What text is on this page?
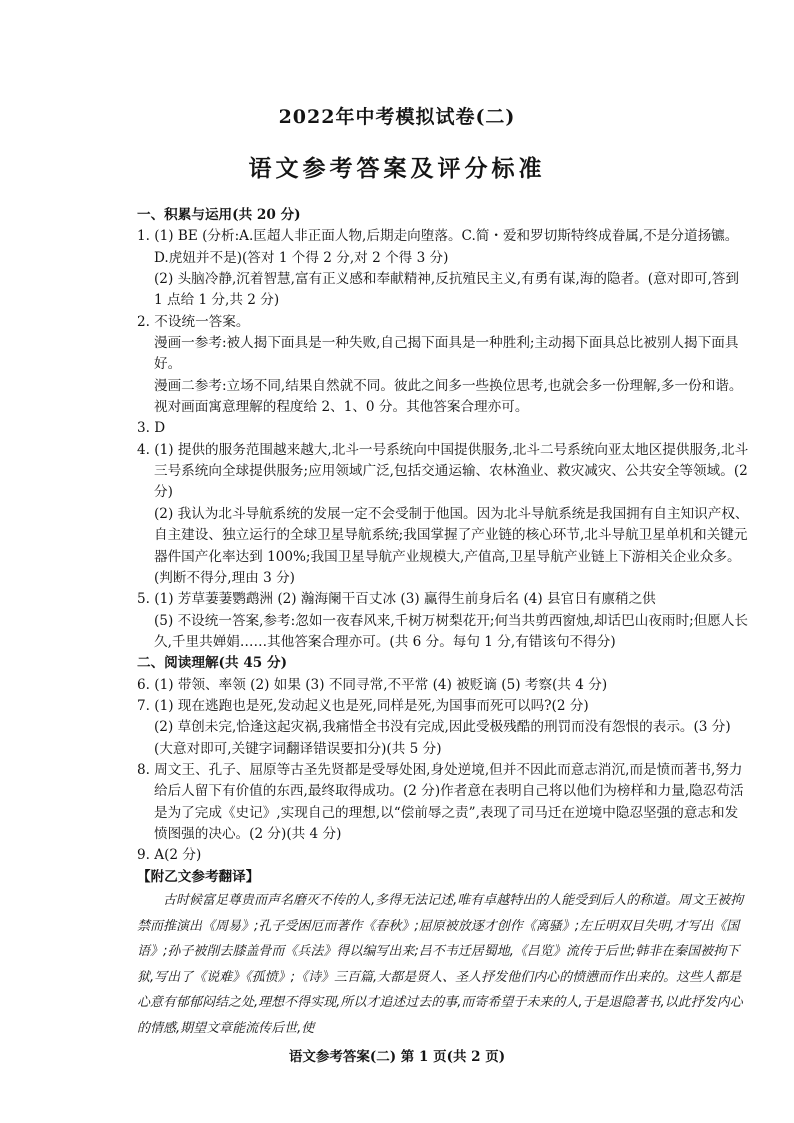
2022年中考模拟试卷(二)
语文参考答案及评分标准

一、积累与运用(共 20 分)

1. (1) BE (分析:A.匡超人非正面人物,后期走向堕落。C.简・爱和罗切斯特终成眷属,不是分道扬镳。D.虎妞并不是)(答对 1 个得 2 分,对 2 个得 3 分)

(2) 头脑冷静,沉着智慧,富有正义感和奉献精神,反抗殖民主义,有勇有谋,海的隐者。(意对即可,答到 1 点给 1 分,共 2 分)

2. 不设统一答案。

漫画一参考:被人揭下面具是一种失败,自己揭下面具是一种胜利;主动揭下面具总比被别人揭下面具好。

漫画二参考:立场不同,结果自然就不同。彼此之间多一些换位思考,也就会多一份理解,多一份和谐。

视对画面寓意理解的程度给 2、1、0 分。其他答案合理亦可。

3. D

4. (1) 提供的服务范围越来越大,北斗一号系统向中国提供服务,北斗二号系统向亚太地区提供服务,北斗三号系统向全球提供服务;应用领域广泛,包括交通运输、农林渔业、救灾减灾、公共安全等领域。(2 分)

(2) 我认为北斗导航系统的发展一定不会受制于他国。因为北斗导航系统是我国拥有自主知识产权、自主建设、独立运行的全球卫星导航系统;我国掌握了产业链的核心环节,北斗导航卫星单机和关键元器件国产化率达到 100%;我国卫星导航产业规模大,产值高,卫星导航产业链上下游相关企业众多。(判断不得分,理由 3 分)

5. (1) 芳草萋萋鹦鹉洲 (2) 瀚海阑干百丈冰 (3) 赢得生前身后名 (4) 县官日有廪稍之供

(5) 不设统一答案,参考:忽如一夜春风来,千树万树梨花开;何当共剪西窗烛,却话巴山夜雨时;但愿人长久,千里共婵娟……其他答案合理亦可。(共 6 分。每句 1 分,有错该句不得分)

二、阅读理解(共 45 分)

6. (1) 带领、率领 (2) 如果 (3) 不同寻常,不平常 (4) 被贬谪 (5) 考察(共 4 分)

7. (1) 现在逃跑也是死,发动起义也是死,同样是死,为国事而死可以吗?(2 分)

(2) 草创未完,恰逢这起灾祸,我痛惜全书没有完成,因此受极残酷的刑罚而没有怨恨的表示。(3 分)(大意对即可,关键字词翻译错误要扣分)(共 5 分)

8. 周文王、孔子、屈原等古圣先贤都是受辱处困,身处逆境,但并不因此而意志消沉,而是愤而著书,努力给后人留下有价值的东西,最终取得成功。(2 分)作者意在表明自己将以他们为榜样和力量,隐忍苟活是为了完成《史记》,实现自己的理想,以“偿前辱之责”,表现了司马迁在逆境中隐忍坚强的意志和发愤图强的决心。(2 分)(共 4 分)

9. A(2 分)

【附乙文参考翻译】

古时候富足尊贵而声名磨灭不传的人,多得无法记述,唯有卓越特出的人能受到后人的称道。周文王被拘禁而推演出《周易》;孔子受困厄而著作《春秋》;屈原被放逐才创作《离骚》;左丘明双目失明,才写出《国语》;孙子被削去膝盖骨而《兵法》得以编写出来;吕不韦迁居蜀地,《吕览》流传于后世;韩非在秦国被拘下狱,写出了《说难》《孤愤》;《诗》三百篇,大都是贤人、圣人抒发他们内心的愤懑而作出来的。这些人都是心意有郁郁闷结之处,理想不得实现,所以才追述过去的事,而寄希望于未来的人,于是退隐著书,以此抒发内心的情感,期望文章能流传后世,使

语文参考答案(二) 第 1 页(共 2 页)
